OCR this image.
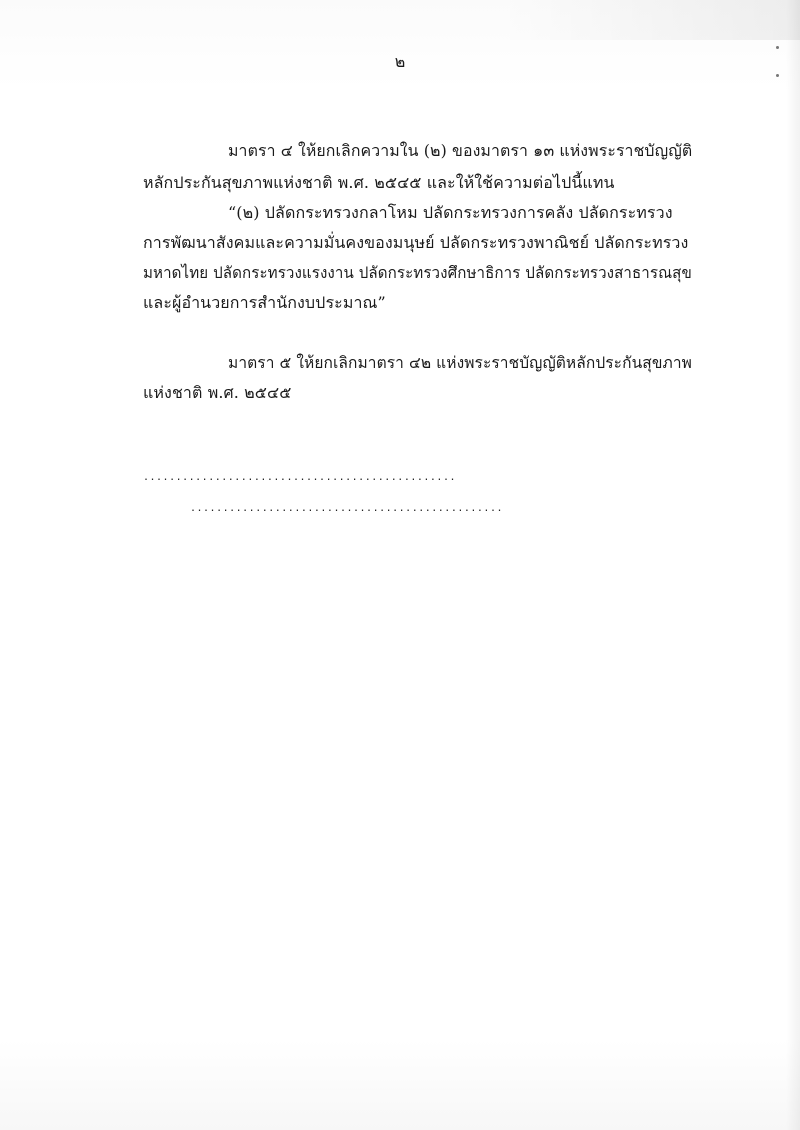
๒
มาตรา ๔ ให้ยกเลิกความใน (๒) ของมาตรา ๑๓ แห่งพระราชบัญญัติ
หลักประกันสุขภาพแห่งชาติ พ.ศ. ๒๕๔๕ และให้ใช้ความต่อไปนี้แทน
“(๒) ปลัดกระทรวงกลาโหม ปลัดกระทรวงการคลัง ปลัดกระทรวง
การพัฒนาสังคมและความมั่นคงของมนุษย์ ปลัดกระทรวงพาณิชย์ ปลัดกระทรวง
มหาดไทย ปลัดกระทรวงแรงงาน ปลัดกระทรวงศึกษาธิการ ปลัดกระทรวงสาธารณสุข
และผู้อำนวยการสำนักงบประมาณ”
มาตรา ๕ ให้ยกเลิกมาตรา ๔๒ แห่งพระราชบัญญัติหลักประกันสุขภาพ
แห่งชาติ พ.ศ. ๒๕๔๕
................................................
................................................
